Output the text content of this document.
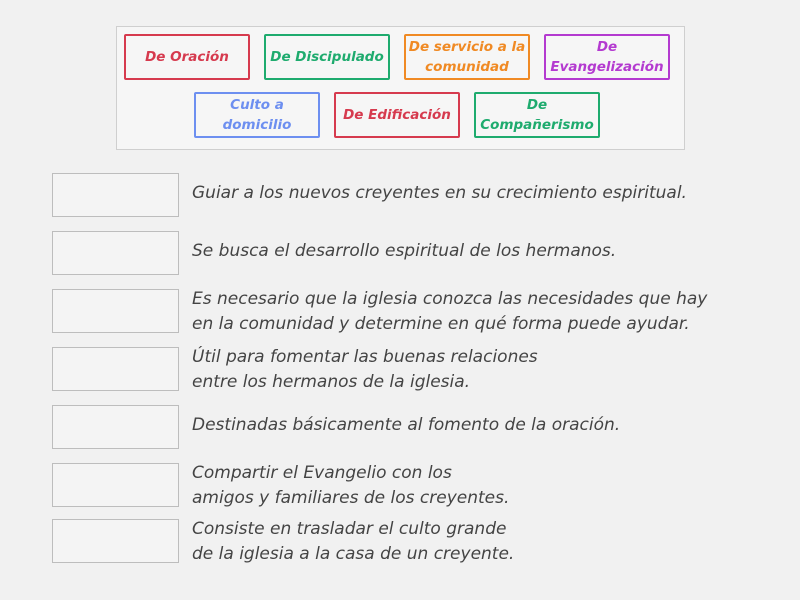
De Oración	De Discipulado
De servicio a la comunidad
De Evangelización
Culto a domicilio
De Edificación
De Compañerismo
Guiar a los nuevos creyentes en su crecimiento espiritual.
Se busca el desarrollo espiritual de los hermanos.
Es necesario que la iglesia conozca las necesidades que hay
en la comunidad y determine en qué forma puede ayudar.
Útil para fomentar las buenas relaciones
entre los hermanos de la iglesia.
Destinadas básicamente al fomento de la oración.
Compartir el Evangelio con los
amigos y familiares de los creyentes.
Consiste en trasladar el culto grande
de la iglesia a la casa de un creyente.
